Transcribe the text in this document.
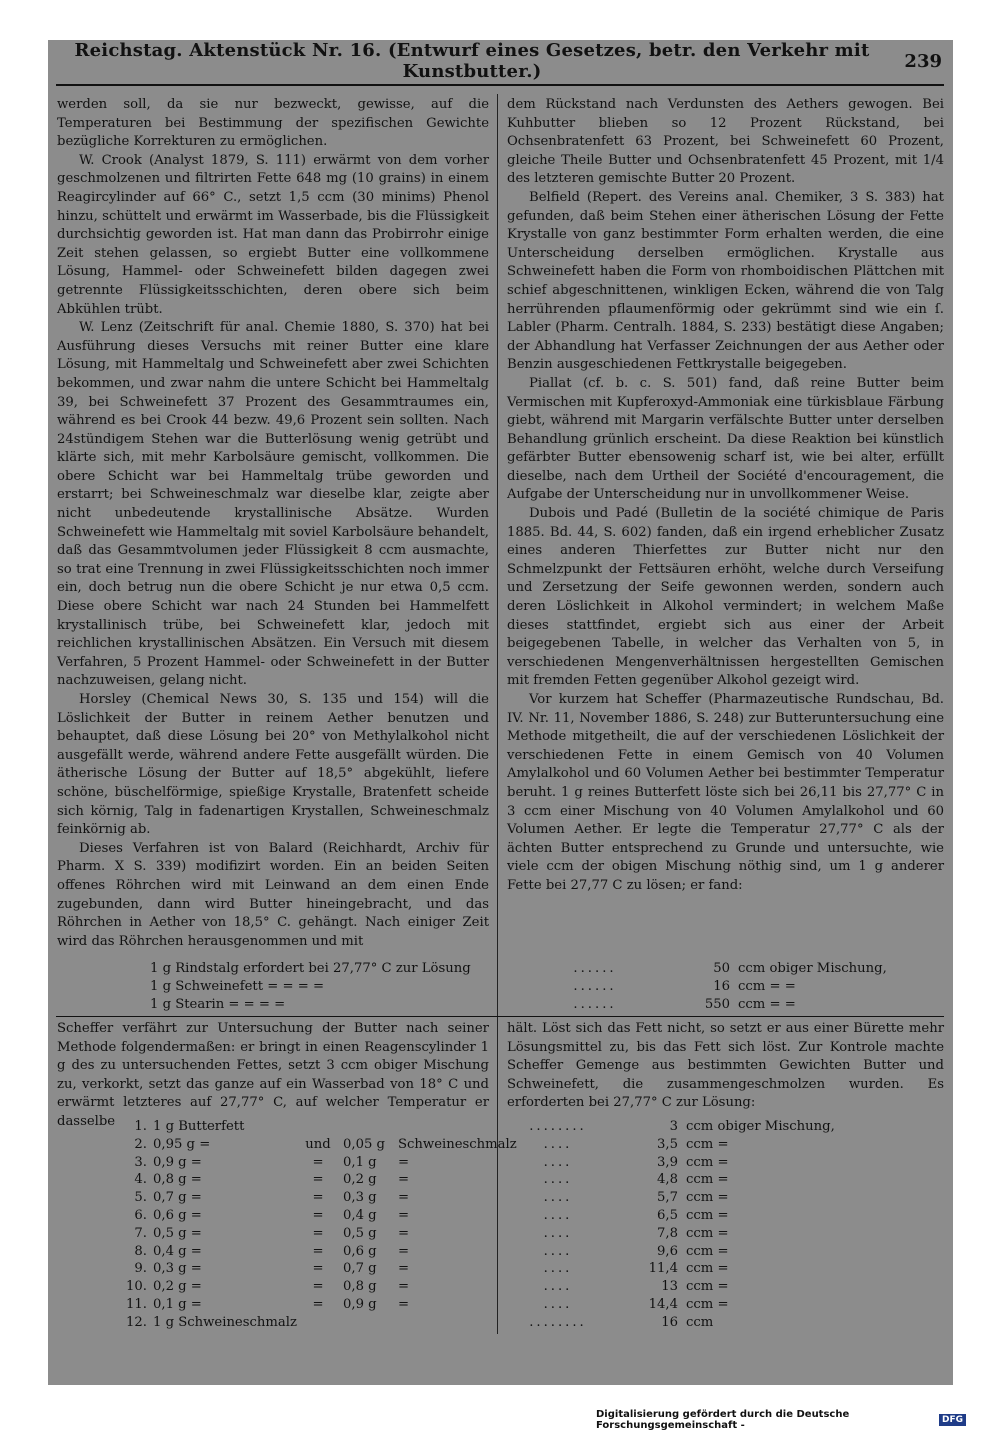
Reichstag. Aktenstück Nr. 16. (Entwurf eines Gesetzes, betr. den Verkehr mit Kunstbutter.)	239

werden soll, da sie nur bezweckt, gewisse, auf die Temperaturen bei Bestimmung der spezifischen Gewichte bezügliche Korrekturen zu ermöglichen.

W. Crook (Analyst 1879, S. 111) erwärmt von dem vorher geschmolzenen und filtrirten Fette 648 mg (10 grains) in einem Reagircylinder auf 66° C., setzt 1,5 ccm (30 minims) Phenol hinzu, schüttelt und erwärmt im Wasserbade, bis die Flüssigkeit durchsichtig geworden ist. Hat man dann das Probirrohr einige Zeit stehen gelassen, so ergiebt Butter eine vollkommene Lösung, Hammel- oder Schweinefett bilden dagegen zwei getrennte Flüssigkeitsschichten, deren obere sich beim Abkühlen trübt.

W. Lenz (Zeitschrift für anal. Chemie 1880, S. 370) hat bei Ausführung dieses Versuchs mit reiner Butter eine klare Lösung, mit Hammeltalg und Schweinefett aber zwei Schichten bekommen, und zwar nahm die untere Schicht bei Hammeltalg 39, bei Schweinefett 37 Prozent des Gesammtraumes ein, während es bei Crook 44 bezw. 49,6 Prozent sein sollten. Nach 24stündigem Stehen war die Butterlösung wenig getrübt und klärte sich, mit mehr Karbolsäure gemischt, vollkommen. Die obere Schicht war bei Hammeltalg trübe geworden und erstarrt; bei Schweineschmalz war dieselbe klar, zeigte aber nicht unbedeutende krystallinische Absätze. Wurden Schweinefett wie Hammeltalg mit soviel Karbolsäure behandelt, daß das Gesammtvolumen jeder Flüssigkeit 8 ccm ausmachte, so trat eine Trennung in zwei Flüssigkeitsschichten noch immer ein, doch betrug nun die obere Schicht je nur etwa 0,5 ccm. Diese obere Schicht war nach 24 Stunden bei Hammelfett krystallinisch trübe, bei Schweinefett klar, jedoch mit reichlichen krystallinischen Absätzen. Ein Versuch mit diesem Verfahren, 5 Prozent Hammel- oder Schweinefett in der Butter nachzuweisen, gelang nicht.

Horsley (Chemical News 30, S. 135 und 154) will die Löslichkeit der Butter in reinem Aether benutzen und behauptet, daß diese Lösung bei 20° von Methylalkohol nicht ausgefällt werde, während andere Fette ausgefällt würden. Die ätherische Lösung der Butter auf 18,5° abgekühlt, liefere schöne, büschelförmige, spießige Krystalle, Bratenfett scheide sich körnig, Talg in fadenartigen Krystallen, Schweineschmalz feinkörnig ab.

Dieses Verfahren ist von Balard (Reichhardt, Archiv für Pharm. X S. 339) modifizirt worden. Ein an beiden Seiten offenes Röhrchen wird mit Leinwand an dem einen Ende zugebunden, dann wird Butter hineingebracht, und das Röhrchen in Aether von 18,5° C. gehängt. Nach einiger Zeit wird das Röhrchen herausgenommen und mit

dem Rückstand nach Verdunsten des Aethers gewogen. Bei Kuhbutter blieben so 12 Prozent Rückstand, bei Ochsenbratenfett 63 Prozent, bei Schweinefett 60 Prozent, gleiche Theile Butter und Ochsenbratenfett 45 Prozent, mit 1/4 des letzteren gemischte Butter 20 Prozent.

Belfield (Repert. des Vereins anal. Chemiker, 3 S. 383) hat gefunden, daß beim Stehen einer ätherischen Lösung der Fette Krystalle von ganz bestimmter Form erhalten werden, die eine Unterscheidung derselben ermöglichen. Krystalle aus Schweinefett haben die Form von rhomboidischen Plättchen mit schief abgeschnittenen, winkligen Ecken, während die von Talg herrührenden pflaumenförmig oder gekrümmt sind wie ein ſ. Labler (Pharm. Centralh. 1884, S. 233) bestätigt diese Angaben; der Abhandlung hat Verfasser Zeichnungen der aus Aether oder Benzin ausgeschiedenen Fettkrystalle beigegeben.

Piallat (cf. b. c. S. 501) fand, daß reine Butter beim Vermischen mit Kupferoxyd-Ammoniak eine türkisblaue Färbung giebt, während mit Margarin verfälschte Butter unter derselben Behandlung grünlich erscheint. Da diese Reaktion bei künstlich gefärbter Butter ebensowenig scharf ist, wie bei alter, erfüllt dieselbe, nach dem Urtheil der Société d'encouragement, die Aufgabe der Unterscheidung nur in unvollkommener Weise.

Dubois und Padé (Bulletin de la société chimique de Paris 1885. Bd. 44, S. 602) fanden, daß ein irgend erheblicher Zusatz eines anderen Thierfettes zur Butter nicht nur den Schmelzpunkt der Fettsäuren erhöht, welche durch Verseifung und Zersetzung der Seife gewonnen werden, sondern auch deren Löslichkeit in Alkohol vermindert; in welchem Maße dieses stattfindet, ergiebt sich aus einer der Arbeit beigegebenen Tabelle, in welcher das Verhalten von 5, in verschiedenen Mengenverhältnissen hergestellten Gemischen mit fremden Fetten gegenüber Alkohol gezeigt wird.

Vor kurzem hat Scheffer (Pharmazeutische Rundschau, Bd. IV. Nr. 11, November 1886, S. 248) zur Butteruntersuchung eine Methode mitgetheilt, die auf der verschiedenen Löslichkeit der verschiedenen Fette in einem Gemisch von 40 Volumen Amylalkohol und 60 Volumen Aether bei bestimmter Temperatur beruht. 1 g reines Butterfett löste sich bei 26,11 bis 27,77° C in 3 ccm einer Mischung von 40 Volumen Amylalkohol und 60 Volumen Aether. Er legte die Temperatur 27,77° C als der ächten Butter entsprechend zu Grunde und untersuchte, wie viele ccm der obigen Mischung nöthig sind, um 1 g anderer Fette bei 27,77 C zu lösen; er fand:

1 g Rindstalg erfordert bei 27,77° C zur Lösung	......	50 ccm obiger Mischung,
1 g Schweinefett = = = =	......	16 ccm = =
1 g Stearin = = = =	......	550 ccm = =

Scheffer verfährt zur Untersuchung der Butter nach seiner Methode folgendermaßen: er bringt in einen Reagenscylinder 1 g des zu untersuchenden Fettes, setzt 3 ccm obiger Mischung zu, verkorkt, setzt das ganze auf ein Wasserbad von 18° C und erwärmt letzteres auf 27,77° C, auf welcher Temperatur er dasselbe

hält. Löst sich das Fett nicht, so setzt er aus einer Bürette mehr Lösungsmittel zu, bis das Fett sich löst. Zur Kontrole machte Scheffer Gemenge aus bestimmten Gewichten Butter und Schweinefett, die zusammengeschmolzen wurden. Es erforderten bei 27,77° C zur Lösung:

1. 1 g Butterfett	........	3 ccm obiger Mischung,
2. 0,95 g =	und 0,05 g Schweineschmalz	....	3,5 ccm =
3. 0,9 g =	=	0,1 g	=	....	3,9 ccm =
4. 0,8 g =	=	0,2 g	=	....	4,8 ccm =
5. 0,7 g =	=	0,3 g	=	....	5,7 ccm =
6. 0,6 g =	=	0,4 g	=	....	6,5 ccm =
7. 0,5 g =	=	0,5 g	=	....	7,8 ccm =
8. 0,4 g =	=	0,6 g	=	....	9,6 ccm =
9. 0,3 g =	=	0,7 g	=	....	11,4 ccm =
10. 0,2 g =	=	0,8 g	=	....	13 ccm =
11. 0,1 g =	=	0,9 g	=	....	14,4 ccm =
12. 1 g Schweineschmalz	........	16 ccm
Digitalisierung gefördert durch die Deutsche Forschungsgemeinschaft -	DFG
